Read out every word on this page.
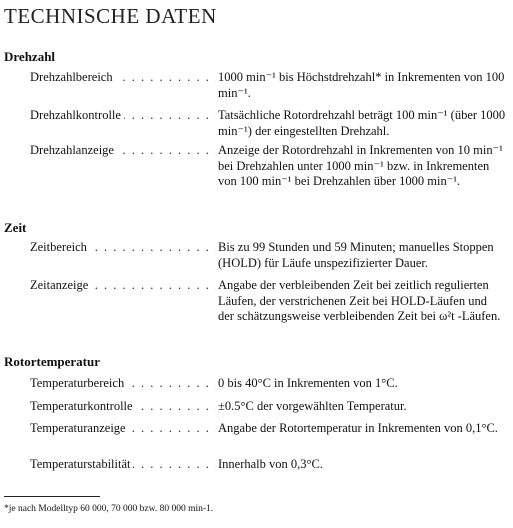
TECHNISCHE DATEN
Drehzahl
Drehzahlbereich . . .	1000 min⁻¹ bis Höchstdrehzahl* in Inkrementen von 100 min⁻¹.
Drehzahlkontrolle . . .	Tatsächliche Rotordrehzahl beträgt 100 min⁻¹ (über 1000 min⁻¹) der eingestellten Drehzahl.
Drehzahlanzeige . . .	Anzeige der Rotordrehzahl in Inkrementen von 10 min⁻¹ bei Drehzahlen unter 1000 min⁻¹ bzw. in Inkrementen von 100 min⁻¹ bei Drehzahlen über 1000 min⁻¹.
Zeit
Zeitbereich . . .	Bis zu 99 Stunden und 59 Minuten; manuelles Stoppen (HOLD) für Läufe unspezifizierter Dauer.
Zeitanzeige . . .	Angabe der verbleibenden Zeit bei zeitlich regulierten Läufen, der verstrichenen Zeit bei HOLD-Läufen und der schätzungsweise verbleibenden Zeit bei ω²t -Läufen.
Rotortemperatur
Temperaturbereich . . .	0 bis 40°C in Inkrementen von 1°C.
Temperaturkontrolle . . .	±0.5°C der vorgewählten Temperatur.
Temperaturanzeige . . .	Angabe der Rotortemperatur in Inkrementen von 0,1°C.
Temperaturstabilität . . .	Innerhalb von 0,3°C.
*je nach Modelltyp 60 000, 70 000 bzw. 80 000 min-1.
